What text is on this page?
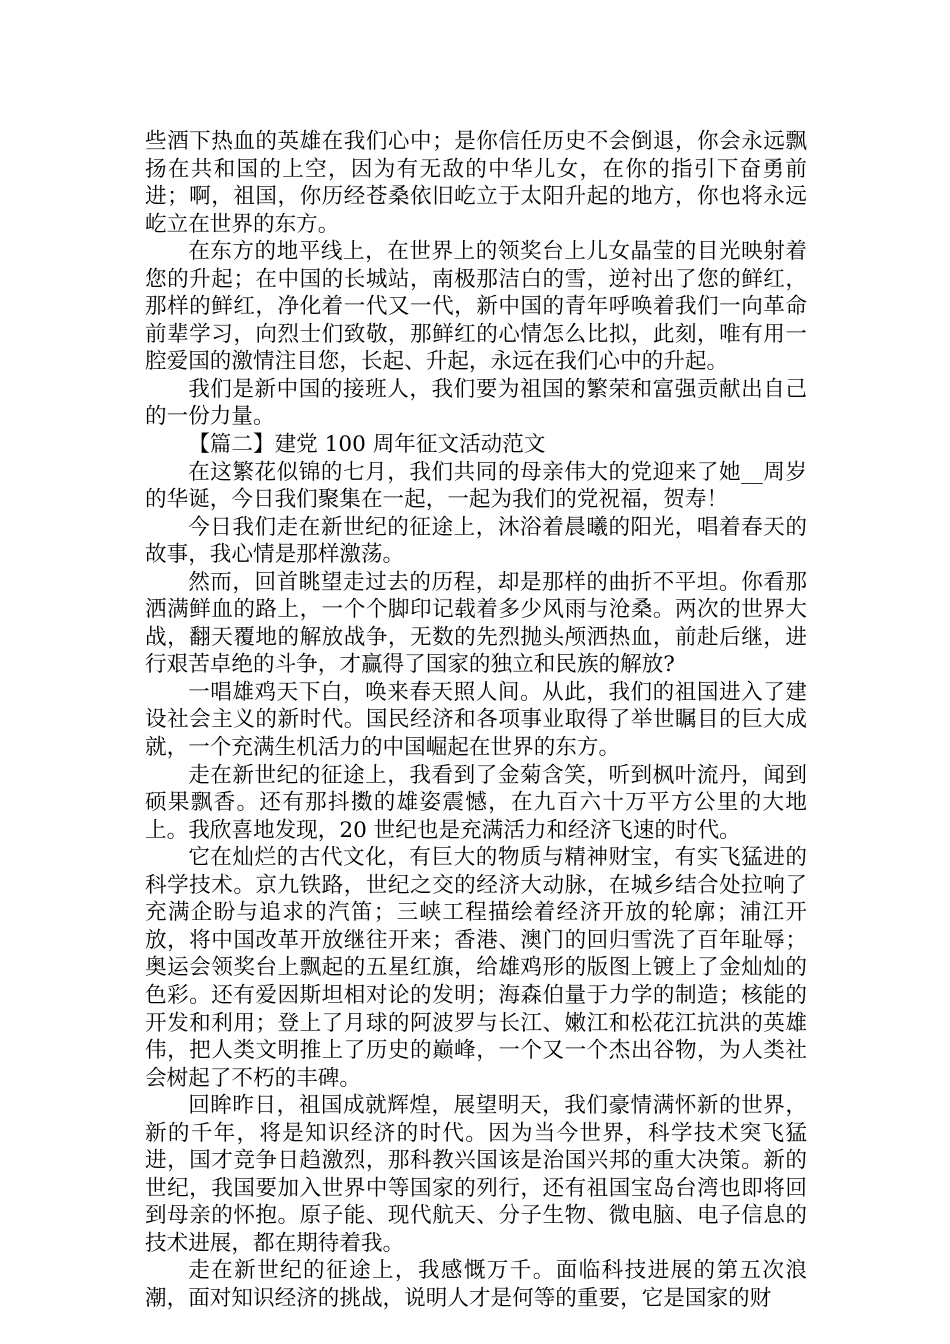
些酒下热血的英雄在我们心中；是你信任历史不会倒退，你会永远飘扬在共和国的上空，因为有无敌的中华儿女，在你的指引下奋勇前进；啊，祖国，你历经苍桑依旧屹立于太阳升起的地方，你也将永远屹立在世界的东方。

在东方的地平线上，在世界上的领奖台上儿女晶莹的目光映射着您的升起；在中国的长城站，南极那洁白的雪，逆衬出了您的鲜红，那样的鲜红，净化着一代又一代，新中国的青年呼唤着我们一向革命前辈学习，向烈士们致敬，那鲜红的心情怎么比拟，此刻，唯有用一腔爱国的激情注目您，长起、升起，永远在我们心中的升起。

我们是新中国的接班人，我们要为祖国的繁荣和富强贡献出自己的一份力量。

【篇二】建党 100 周年征文活动范文

在这繁花似锦的七月，我们共同的母亲伟大的党迎来了她__周岁的华诞，今日我们聚集在一起，一起为我们的党祝福，贺寿！

今日我们走在新世纪的征途上，沐浴着晨曦的阳光，唱着春天的故事，我心情是那样激荡。

然而，回首眺望走过去的历程，却是那样的曲折不平坦。你看那洒满鲜血的路上，一个个脚印记载着多少风雨与沧桑。两次的世界大战，翻天覆地的解放战争，无数的先烈抛头颅洒热血，前赴后继，进行艰苦卓绝的斗争，才赢得了国家的独立和民族的解放?

一唱雄鸡天下白，唤来春天照人间。从此，我们的祖国进入了建设社会主义的新时代。国民经济和各项事业取得了举世瞩目的巨大成就，一个充满生机活力的中国崛起在世界的东方。

走在新世纪的征途上，我看到了金菊含笑，听到枫叶流丹，闻到硕果飘香。还有那抖擞的雄姿震憾，在九百六十万平方公里的大地上。我欣喜地发现，20 世纪也是充满活力和经济飞速的时代。

它在灿烂的古代文化，有巨大的物质与精神财宝，有实飞猛进的科学技术。京九铁路，世纪之交的经济大动脉，在城乡结合处拉响了充满企盼与追求的汽笛；三峡工程描绘着经济开放的轮廓；浦江开放，将中国改革开放继往开来；香港、澳门的回归雪洗了百年耻辱；奥运会领奖台上飘起的五星红旗，给雄鸡形的版图上镀上了金灿灿的色彩。还有爱因斯坦相对论的发明；海森伯量于力学的制造；核能的开发和利用；登上了月球的阿波罗与长江、嫩江和松花江抗洪的英雄伟，把人类文明推上了历史的巅峰，一个又一个杰出谷物，为人类社会树起了不朽的丰碑。

回眸昨日，祖国成就辉煌，展望明天，我们豪情满怀新的世界，新的千年，将是知识经济的时代。因为当今世界，科学技术突飞猛进，国才竞争日趋激烈，那科教兴国该是治国兴邦的重大决策。新的世纪，我国要加入世界中等国家的列行，还有祖国宝岛台湾也即将回到母亲的怀抱。原子能、现代航天、分子生物、微电脑、电子信息的技术进展，都在期待着我。

走在新世纪的征途上，我感慨万千。面临科技进展的第五次浪潮，面对知识经济的挑战，说明人才是何等的重要，它是国家的财
